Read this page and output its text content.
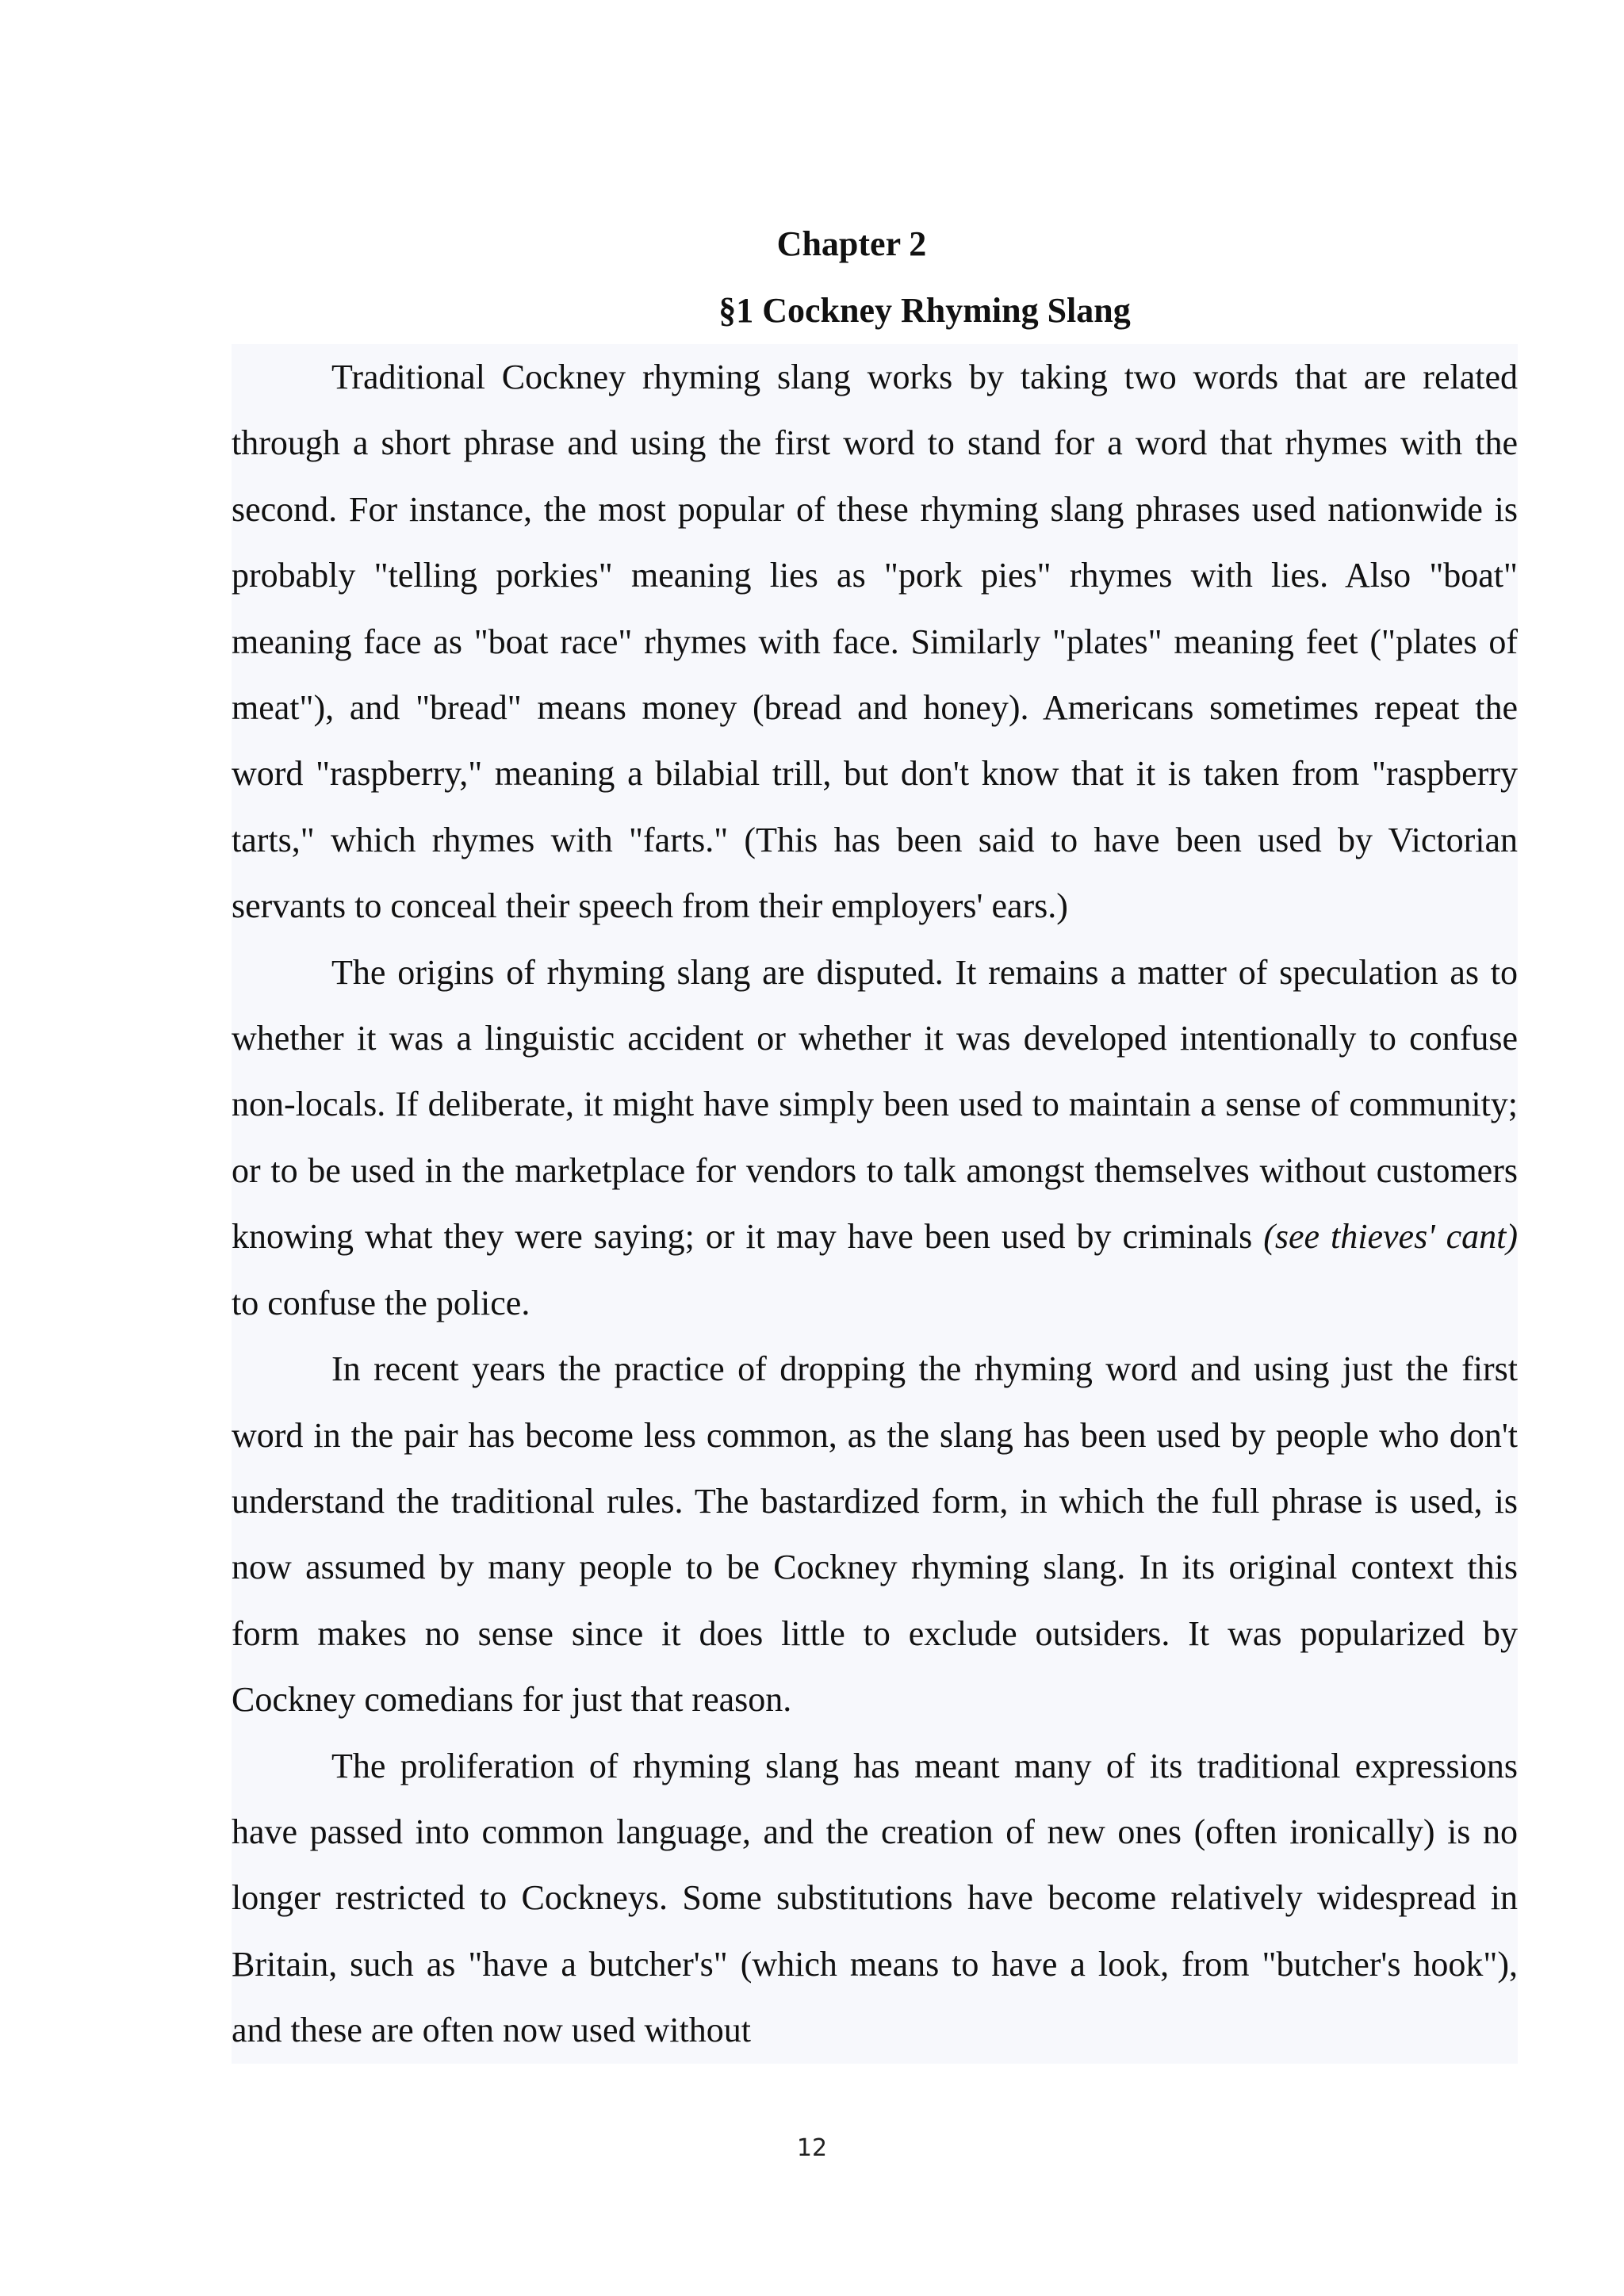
Chapter 2
§1 Cockney Rhyming Slang

Traditional Cockney rhyming slang works by taking two words that are related through a short phrase and using the first word to stand for a word that rhymes with the second. For instance, the most popular of these rhyming slang phrases used nationwide is probably "telling porkies" meaning lies as "pork pies" rhymes with lies. Also "boat" meaning face as "boat race" rhymes with face. Similarly "plates" meaning feet ("plates of meat"), and "bread" means money (bread and honey). Americans sometimes repeat the word "raspberry," meaning a bilabial trill, but don't know that it is taken from "raspberry tarts," which rhymes with "farts." (This has been said to have been used by Victorian servants to conceal their speech from their employers' ears.)

The origins of rhyming slang are disputed. It remains a matter of speculation as to whether it was a linguistic accident or whether it was developed intentionally to confuse non-locals. If deliberate, it might have simply been used to maintain a sense of community; or to be used in the marketplace for vendors to talk amongst themselves without customers knowing what they were saying; or it may have been used by criminals (see thieves' cant) to confuse the police.

In recent years the practice of dropping the rhyming word and using just the first word in the pair has become less common, as the slang has been used by people who don't understand the traditional rules. The bastardized form, in which the full phrase is used, is now assumed by many people to be Cockney rhyming slang. In its original context this form makes no sense since it does little to exclude outsiders. It was popularized by Cockney comedians for just that reason.

The proliferation of rhyming slang has meant many of its traditional expressions have passed into common language, and the creation of new ones (often ironically) is no longer restricted to Cockneys. Some substitutions have become relatively widespread in Britain, such as "have a butcher's" (which means to have a look, from "butcher's hook"), and these are often now used without

12
